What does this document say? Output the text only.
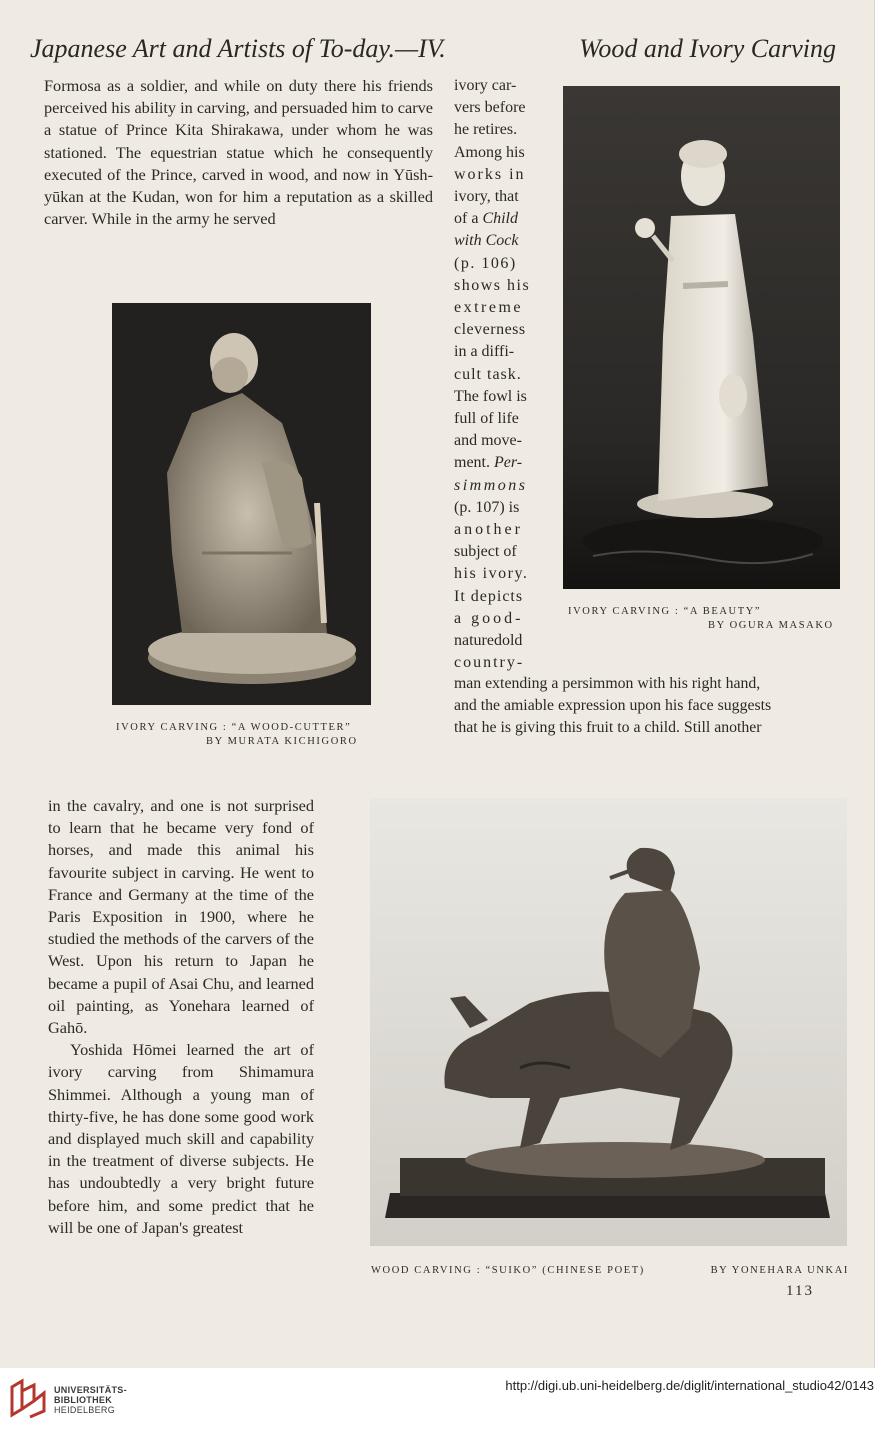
Japanese Art and Artists of To-day.—IV.	Wood and Ivory Carving

Formosa as a soldier, and while on duty there his friends perceived his ability in carving, and persuaded him to carve a statue of Prince Kita Shirakawa, under whom he was stationed. The equestrian statue which he consequently executed of the Prince, carved in wood, and now in Yūsh-yūkan at the Kudan, won for him a reputation as a skilled carver. While in the army he served

ivory car-
vers before
he retires.
Among his
works in
ivory, that
of a Child
with Cock
(p. 106)
shows his
extreme
cleverness
in a diffi-
cult task.
The fowl is
full of life
and move-
ment. Per-
simmons
(p. 107) is
another
subject of
his ivory.
It depicts
a good-
naturedold
country-
man extending a persimmon with his right hand,
and the amiable expression upon his face suggests
that he is giving this fruit to a child. Still another
IVORY CARVING : “A WOOD-CUTTER”
BY MURATA KICHIGORO
IVORY CARVING : “A BEAUTY”
BY OGURA MASAKO

in the cavalry, and one is not surprised to learn that he became very fond of horses, and made this animal his favourite subject in carving. He went to France and Germany at the time of the Paris Exposition in 1900, where he studied the methods of the carvers of the West. Upon his return to Japan he became a pupil of Asai Chu, and learned oil painting, as Yonehara learned of Gahō.

Yoshida Hōmei learned the art of ivory carving from Shimamura Shimmei. Although a young man of thirty-five, he has done some good work and displayed much skill and capability in the treatment of diverse subjects. He has undoubtedly a very bright future before him, and some predict that he will be one of Japan's greatest

WOOD CARVING : “SUIKO” (CHINESE POET)	BY YONEHARA UNKAI
113
UNIVERSITÄTS-
BIBLIOTHEK
HEIDELBERG
http://digi.ub.uni-heidelberg.de/diglit/international_studio42/0143
